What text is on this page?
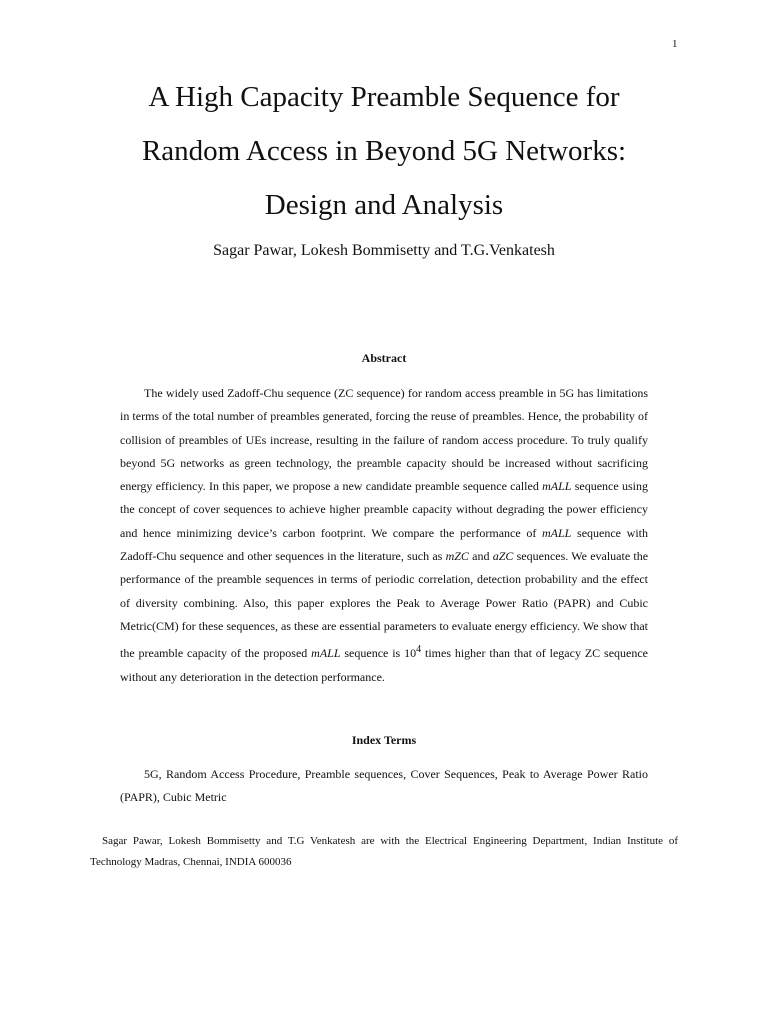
1
A High Capacity Preamble Sequence for
Random Access in Beyond 5G Networks:
Design and Analysis
Sagar Pawar, Lokesh Bommisetty and T.G.Venkatesh
Abstract
The widely used Zadoff-Chu sequence (ZC sequence) for random access preamble in 5G has limitations in terms of the total number of preambles generated, forcing the reuse of preambles. Hence, the probability of collision of preambles of UEs increase, resulting in the failure of random access procedure. To truly qualify beyond 5G networks as green technology, the preamble capacity should be increased without sacrificing energy efficiency. In this paper, we propose a new candidate preamble sequence called mALL sequence using the concept of cover sequences to achieve higher preamble capacity without degrading the power efficiency and hence minimizing device’s carbon footprint. We compare the performance of mALL sequence with Zadoff-Chu sequence and other sequences in the literature, such as mZC and aZC sequences. We evaluate the performance of the preamble sequences in terms of periodic correlation, detection probability and the effect of diversity combining. Also, this paper explores the Peak to Average Power Ratio (PAPR) and Cubic Metric(CM) for these sequences, as these are essential parameters to evaluate energy efficiency. We show that the preamble capacity of the proposed mALL sequence is $10^4$ times higher than that of legacy ZC sequence without any deterioration in the detection performance.
Index Terms
5G, Random Access Procedure, Preamble sequences, Cover Sequences, Peak to Average Power Ratio (PAPR), Cubic Metric
Sagar Pawar, Lokesh Bommisetty and T.G Venkatesh are with the Electrical Engineering Department, Indian Institute of Technology Madras, Chennai, INDIA 600036
